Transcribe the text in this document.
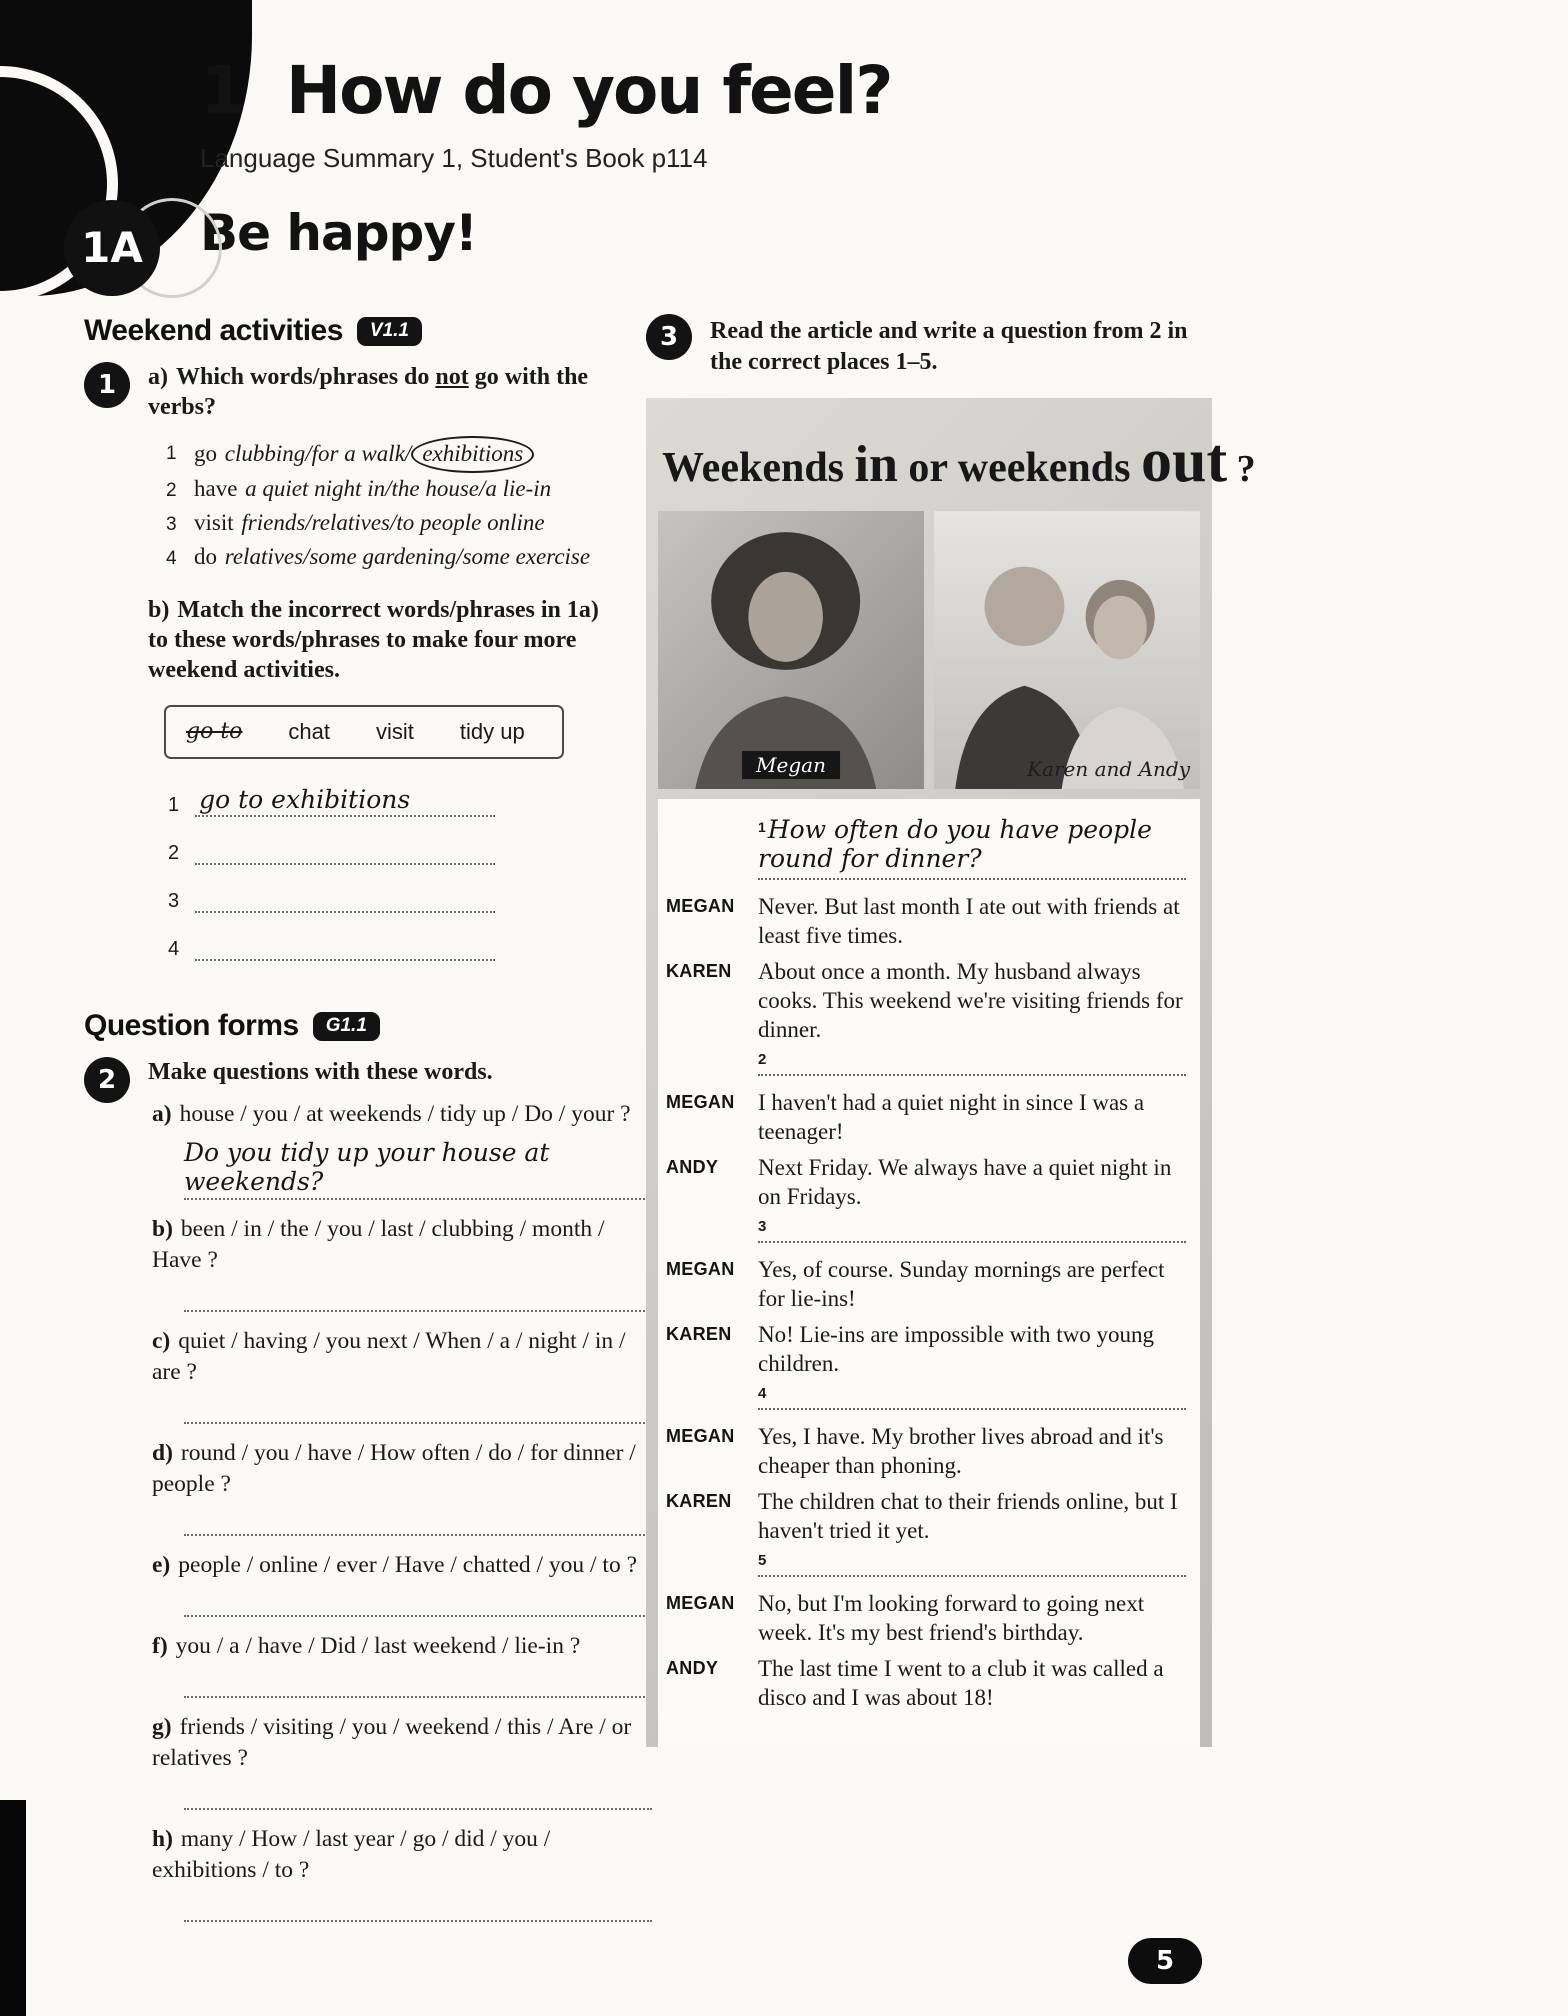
1 How do you feel?
Language Summary 1, Student's Book p114
1A	Be happy!
Weekend activities	V1.1
1	a) Which words/phrases do not go with the verbs?
1 go clubbing/for a walk/ exhibitions
2 have a quiet night in/the house/a lie-in
3 visit friends/relatives/to people online
4 do relatives/some gardening/some exercise
b) Match the incorrect words/phrases in 1a) to these words/phrases to make four more weekend activities.
go to chat visit tidy up
1 go to exhibitions
2
3
4
Question forms	G1.1
2	Make questions with these words.
a) house / you / at weekends / tidy up / Do / your ?
Do you tidy up your house at weekends?
b) been / in / the / you / last / clubbing / month / Have ?
c) quiet / having / you next / When / a / night / in / are ?
d) round / you / have / How often / do / for dinner / people ?
e) people / online / ever / Have / chatted / you / to ?
f) you / a / have / Did / last weekend / lie-in ?
g) friends / visiting / you / weekend / this / Are / or relatives ?
h) many / How / last year / go / did / you / exhibitions / to ?
3	Read the article and write a question from 2 in the correct places 1–5.
Weekends in or weekends out ?
Megan	Karen and Andy
$^1$How often do you have people round for dinner?
MEGAN	Never. But last month I ate out with friends at least five times.
KAREN	About once a month. My husband always cooks. This weekend we're visiting friends for dinner.
2
MEGAN	I haven't had a quiet night in since I was a teenager!
ANDY	Next Friday. We always have a quiet night in on Fridays.
3
MEGAN	Yes, of course. Sunday mornings are perfect for lie-ins!
KAREN	No! Lie-ins are impossible with two young children.
4
MEGAN	Yes, I have. My brother lives abroad and it's cheaper than phoning.
KAREN	The children chat to their friends online, but I haven't tried it yet.
5
MEGAN	No, but I'm looking forward to going next week. It's my best friend's birthday.
ANDY	The last time I went to a club it was called a disco and I was about 18!
5
